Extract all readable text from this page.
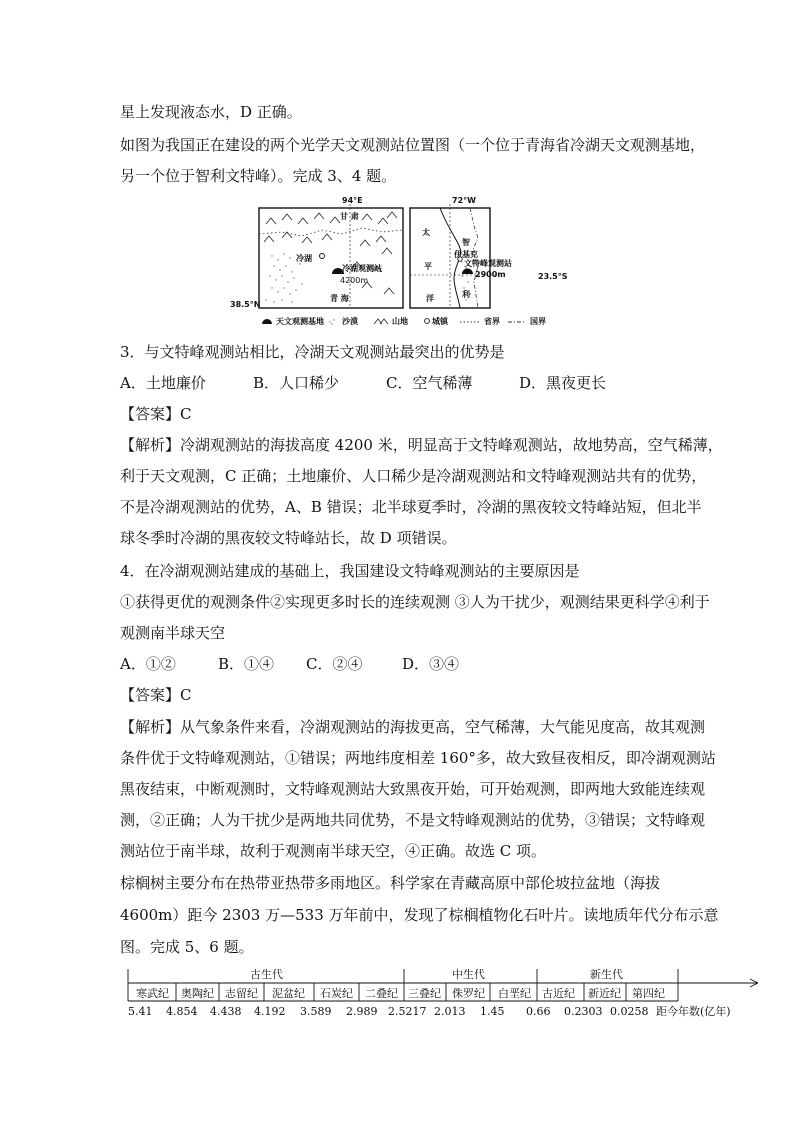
星上发现液态水，D 正确。
如图为我国正在建设的两个光学天文观测站位置图（一个位于青海省冷湖天文观测基地，
另一个位于智利文特峰）。完成 3、4 题。
94°E
38.5°N
甘 肃
冷湖
冷湖观测站
4200m
青 海
72°W
太
智
伊基克
文特峰观测站
平
2900m	23.5°S
洋	利
天文观测基地 沙漠	山地	城镇	省界	国界
3．与文特峰观测站相比，冷湖天文观测站最突出的优势是
A．土地廉价	B．人口稀少	C．空气稀薄	D．黑夜更长
【答案】C
【解析】冷湖观测站的海拔高度 4200 米，明显高于文特峰观测站，故地势高，空气稀薄，
利于天文观测，C 正确；土地廉价、人口稀少是冷湖观测站和文特峰观测站共有的优势，
不是冷湖观测站的优势，A、B 错误；北半球夏季时，冷湖的黑夜较文特峰站短，但北半
球冬季时冷湖的黑夜较文特峰站长，故 D 项错误。
4．在冷湖观测站建成的基础上，我国建设文特峰观测站的主要原因是
①获得更优的观测条件②实现更多时长的连续观测 ③人为干扰少，观测结果更科学④利于
观测南半球天空
A．①②	B．①④ C．②④	D．③④
【答案】C
【解析】从气象条件来看，冷湖观测站的海拔更高，空气稀薄，大气能见度高，故其观测
条件优于文特峰观测站，①错误；两地纬度相差 160°多，故大致昼夜相反，即冷湖观测站
黑夜结束，中断观测时，文特峰观测站大致黑夜开始，可开始观测，即两地大致能连续观
测，②正确；人为干扰少是两地共同优势，不是文特峰观测站的优势，③错误；文特峰观
测站位于南半球，故利于观测南半球天空，④正确。故选 C 项。
棕榈树主要分布在热带亚热带多雨地区。科学家在青藏高原中部伦坡拉盆地（海拔
4600m）距今 2303 万—533 万年前中，发现了棕榈植物化石叶片。读地质年代分布示意
图。完成 5、6 题。
古生代	中生代	新生代
寒武纪 奥陶纪 志留纪 泥盆纪 石炭纪 二叠纪 三叠纪 侏罗纪 白垩纪 古近纪 新近纪 第四纪
5.41 4.854 4.438 4.192 3.589 2.989 2.5217 2.013 1.45 0.66 0.2303 0.0258 距今年数(亿年)
